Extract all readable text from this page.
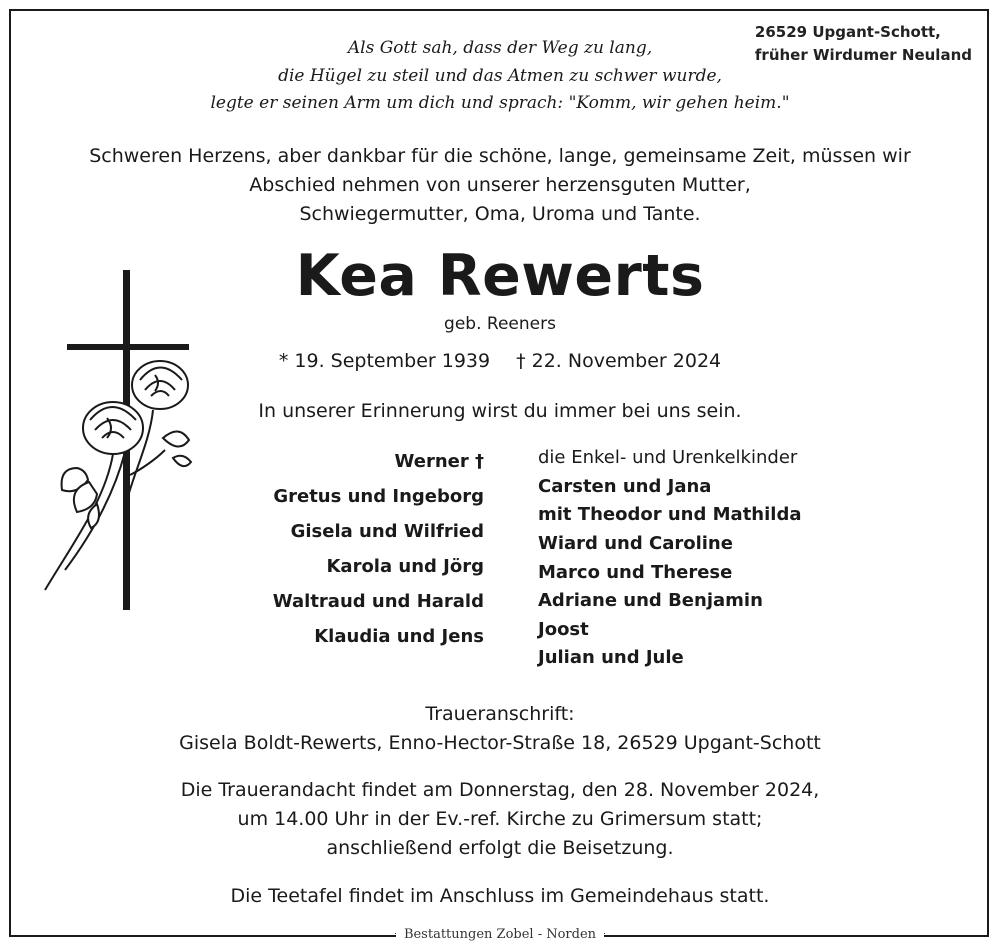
26529 Upgant-Schott,
früher Wirdumer Neuland
Als Gott sah, dass der Weg zu lang,
die Hügel zu steil und das Atmen zu schwer wurde,
legte er seinen Arm um dich und sprach: "Komm, wir gehen heim."
Schweren Herzens, aber dankbar für die schöne, lange, gemeinsame Zeit, müssen wir
Abschied nehmen von unserer herzensguten Mutter,
Schwiegermutter, Oma, Uroma und Tante.
Kea Rewerts
geb. Reeners
* 19. September 1939 † 22. November 2024
In unserer Erinnerung wirst du immer bei uns sein.
Werner †
Gretus und Ingeborg
Gisela und Wilfried
Karola und Jörg
Waltraud und Harald
Klaudia und Jens
die Enkel- und Urenkelkinder
Carsten und Jana
mit Theodor und Mathilda
Wiard und Caroline
Marco und Therese
Adriane und Benjamin
Joost
Julian und Jule
Traueranschrift:
Gisela Boldt-Rewerts, Enno-Hector-Straße 18, 26529 Upgant-Schott
Die Trauerandacht findet am Donnerstag, den 28. November 2024,
um 14.00 Uhr in der Ev.-ref. Kirche zu Grimersum statt;
anschließend erfolgt die Beisetzung.
Die Teetafel findet im Anschluss im Gemeindehaus statt.
Bestattungen Zobel - Norden
